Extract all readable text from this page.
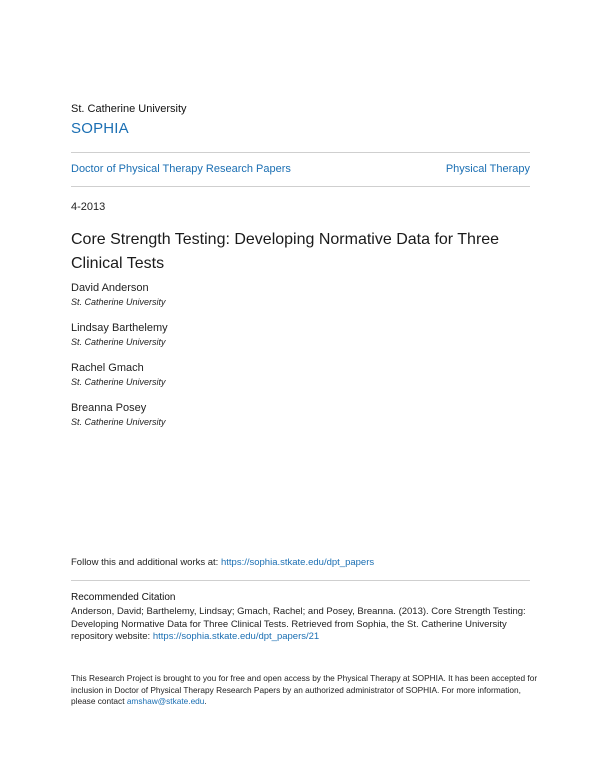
St. Catherine University
SOPHIA
Doctor of Physical Therapy Research Papers	Physical Therapy
4-2013
Core Strength Testing: Developing Normative Data for Three Clinical Tests
David Anderson
St. Catherine University
Lindsay Barthelemy
St. Catherine University
Rachel Gmach
St. Catherine University
Breanna Posey
St. Catherine University
Follow this and additional works at: https://sophia.stkate.edu/dpt_papers
Recommended Citation
Anderson, David; Barthelemy, Lindsay; Gmach, Rachel; and Posey, Breanna. (2013). Core Strength Testing: Developing Normative Data for Three Clinical Tests. Retrieved from Sophia, the St. Catherine University repository website: https://sophia.stkate.edu/dpt_papers/21
This Research Project is brought to you for free and open access by the Physical Therapy at SOPHIA. It has been accepted for inclusion in Doctor of Physical Therapy Research Papers by an authorized administrator of SOPHIA. For more information, please contact amshaw@stkate.edu.
